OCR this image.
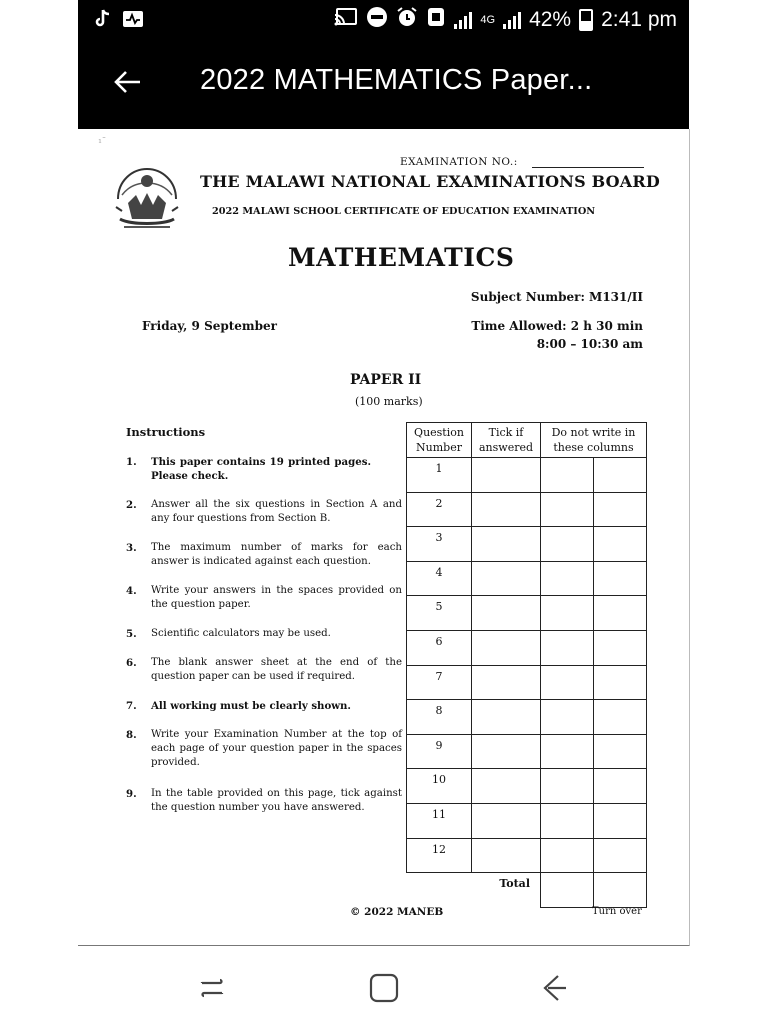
4G 42% 2:41 pm
2022 MATHEMATICS Paper...
₁ᐨ
EXAMINATION NO.:
THE MALAWI NATIONAL EXAMINATIONS BOARD
2022 MALAWI SCHOOL CERTIFICATE OF EDUCATION EXAMINATION
MATHEMATICS
Subject Number: M131/II
Friday, 9 September	Time Allowed: 2 h 30 min
8:00 – 10:30 am
PAPER II
(100 marks)
Instructions
1. This paper contains 19 printed pages. Please check.
2. Answer all the six questions in Section A and any four questions from Section B.
3. The maximum number of marks for each answer is indicated against each question.
4. Write your answers in the spaces provided on the question paper.
5. Scientific calculators may be used.
6. The blank answer sheet at the end of the question paper can be used if required.
7. All working must be clearly shown.
8. Write your Examination Number at the top of each page of your question paper in the spaces provided.
9. In the table provided on this page, tick against the question number you have answered.
Question Number	Tick if answered	Do not write in these columns	
1			
2			
3			
4			
5			
6			
7			
8			
9			
10			
11			
12			
Total			
© 2022 MANEB	Turn over
